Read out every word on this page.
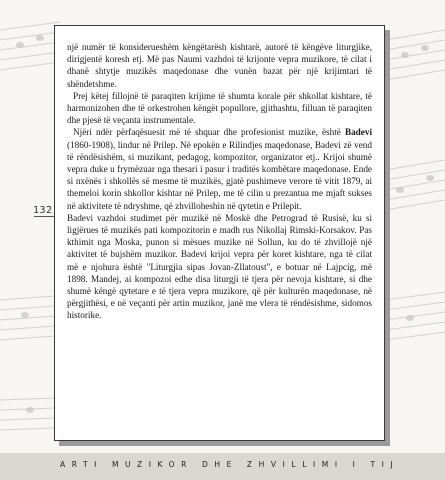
një numër të konsiderueshëm këngëtarësh kishtarë, autorë të këngëve liturgjike, dirigjentë koresh etj. Më pas Naumi vazhdoi të krijonte vepra muzikore, të cilat i dhanë shtytje muzikës maqedonase dhe vunën bazat për një krijimtari të shëndetshme.

Prej këtej fillojnë të paraqiten krijime të shumta korale për shkollat kishtare, të harmonizohen dhe të orkestrohen këngët popullore, gjithashtu, filluan të paraqiten dhe pjesë të veçanta instrumentale.

Njëri ndër përfaqësuesit më të shquar dhe profesionist muzike, është Badevi (1860-1908), lindur në Prilep. Në epokën e Rilindjes maqedonase, Badevi zë vend të rëndësishëm, si muzikant, pedagog, kompozitor, organizator etj.. Krijoi shumë vepra duke u frymëzuar nga thesari i pasur i traditës kombëtare maqedonase. Ende si nxënës i shkollës së mesme të muzikës, gjatë pushimeve verore të vitit 1879, ai themeloi korin shkollor kishtar në Prilep, me të cilin u prezantua me mjaft sukses në aktivitete të ndryshme, që zhvilloheshin në qytetin e Prilepit.

Badevi vazhdoi studimet për muzikë në Moskë dhe Petrograd të Rusisë, ku si ligjërues të muzikës pati kompozitorin e madh rus Nikollaj Rimski-Korsakov. Pas kthimit nga Moska, punon si mësues muzike në Sollun, ku do të zhvillojë një aktivitet të bujshëm muzikor. Badevi krijoi vepra për koret kishtare, nga të cilat më e njohura është "Liturgjia sipas Jovan-Zllatoust", e botuar në Lajpcig, më 1898. Mandej, ai kompozoi edhe disa liturgji të tjera për nevoja kishtare, si dhe shumë këngë qytetare e të tjera vepra muzikore, që për kulturën maqedonase, në përgjithësi, e në veçanti për artin muzikor, janë me vlera të rëndësishme, sidomos historike.

132
ARTI MUZIKOR DHE ZHVILLIMI I TIJ
